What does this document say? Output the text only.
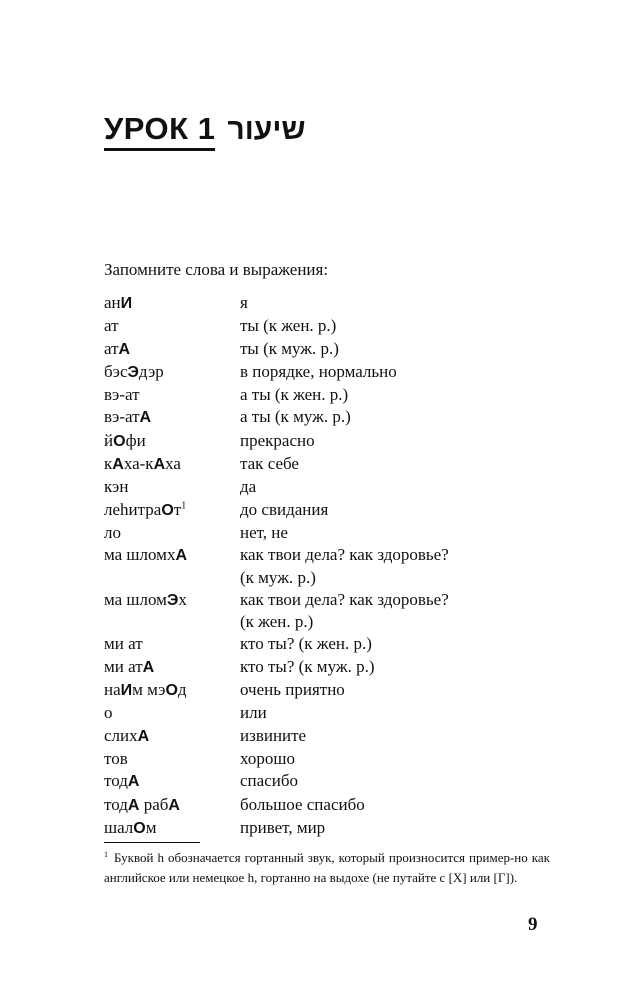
УРОК 1 שיעור
Запомните слова и выражения:
анИ	я
ат	ты (к жен. р.)
атА	ты (к муж. р.)
бэсЭдэр	в порядке, нормально
вэ-ат	а ты (к жен. р.)
вэ-атА	а ты (к муж. р.)
йОфи	прекрасно
кАха-кАха	так себе
кэн	да
леhитраОт$^1$	до свидания
ло	нет, не
ма шломхА	как твои дела? как здоровье?
(к муж. р.)
ма шломЭх	как твои дела? как здоровье?
(к жен. р.)
ми ат	кто ты? (к жен. р.)
ми атА	кто ты? (к муж. р.)
наИм мэОд	очень приятно
о	или
слихА	извините
тов	хорошо
тодА	спасибо
тодА рабА	большое спасибо
шалОм	привет, мир
$^1$ Буквой h обозначается гортанный звук, который произносится пример-но как английское или немецкое h, гортанно на выдохе (не путайте с [Х] или [Г]).
9
